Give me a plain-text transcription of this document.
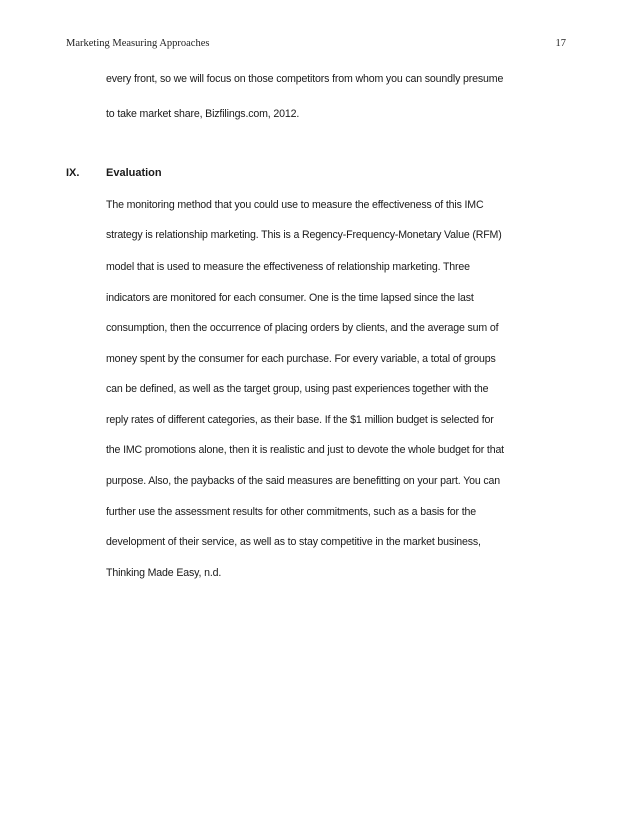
Marketing Measuring Approaches	17
every front, so we will focus on those competitors from whom you can soundly presume
to take market share, Bizfilings.com, 2012.
IX. Evaluation
The monitoring method that you could use to measure the effectiveness of this IMC
strategy is relationship marketing. This is a Regency-Frequency-Monetary Value (RFM)
model that is used to measure the effectiveness of relationship marketing. Three
indicators are monitored for each consumer. One is the time lapsed since the last
consumption, then the occurrence of placing orders by clients, and the average sum of
money spent by the consumer for each purchase. For every variable, a total of groups
can be defined, as well as the target group, using past experiences together with the
reply rates of different categories, as their base. If the $1 million budget is selected for
the IMC promotions alone, then it is realistic and just to devote the whole budget for that
purpose. Also, the paybacks of the said measures are benefitting on your part. You can
further use the assessment results for other commitments, such as a basis for the
development of their service, as well as to stay competitive in the market business,
Thinking Made Easy, n.d.
